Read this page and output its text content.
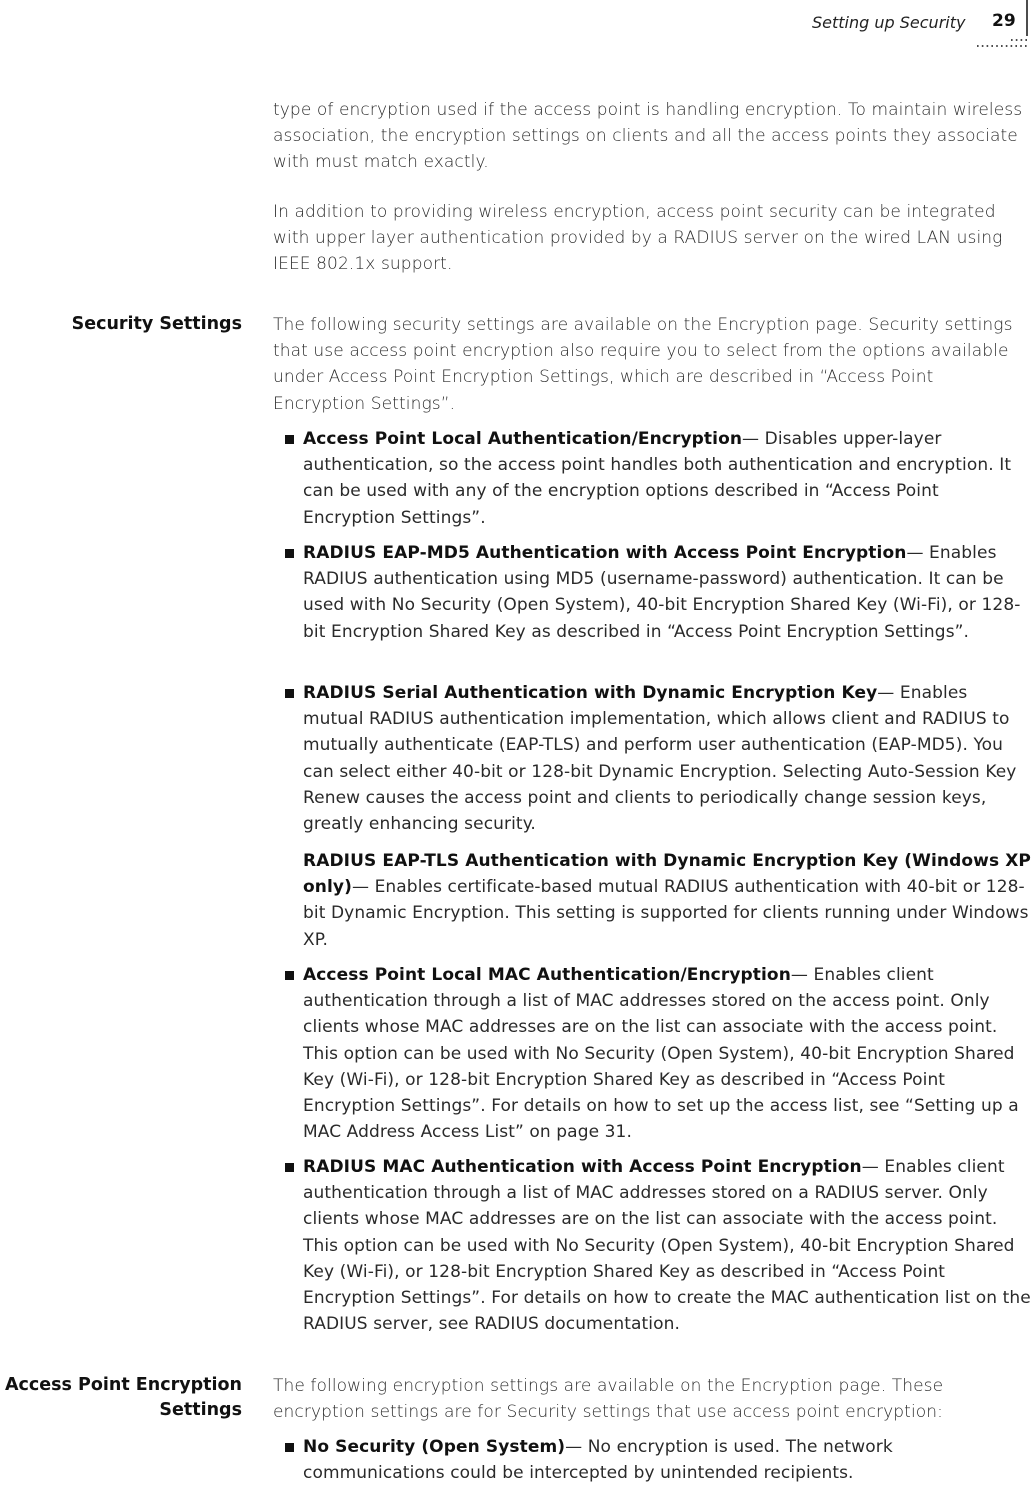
Setting up Security 29

type of encryption used if the access point is handling encryption. To maintain wireless association, the encryption settings on clients and all the access points they associate with must match exactly.

In addition to providing wireless encryption, access point security can be integrated with upper layer authentication provided by a RADIUS server on the wired LAN using IEEE 802.1x support.

Security Settings The following security settings are available on the Encryption page. Security settings that use access point encryption also require you to select from the options available under Access Point Encryption Settings, which are described in “Access Point Encryption Settings”.

Access Point Local Authentication/Encryption— Disables upper-layer authentication, so the access point handles both authentication and encryption. It can be used with any of the encryption options described in “Access Point Encryption Settings”.
RADIUS EAP-MD5 Authentication with Access Point Encryption— Enables RADIUS authentication using MD5 (username-password) authentication. It can be used with No Security (Open System), 40-bit Encryption Shared Key (Wi-Fi), or 128-bit Encryption Shared Key as described in “Access Point Encryption Settings”.
RADIUS Serial Authentication with Dynamic Encryption Key— Enables mutual RADIUS authentication implementation, which allows client and RADIUS to mutually authenticate (EAP-TLS) and perform user authentication (EAP-MD5). You can select either 40-bit or 128-bit Dynamic Encryption. Selecting Auto-Session Key Renew causes the access point and clients to periodically change session keys, greatly enhancing security.
RADIUS EAP-TLS Authentication with Dynamic Encryption Key (Windows XP only)— Enables certificate-based mutual RADIUS authentication with 40-bit or 128-bit Dynamic Encryption. This setting is supported for clients running under Windows XP.
Access Point Local MAC Authentication/Encryption— Enables client authentication through a list of MAC addresses stored on the access point. Only clients whose MAC addresses are on the list can associate with the access point. This option can be used with No Security (Open System), 40-bit Encryption Shared Key (Wi-Fi), or 128-bit Encryption Shared Key as described in “Access Point Encryption Settings”. For details on how to set up the access list, see “Setting up a MAC Address Access List” on page 31.
RADIUS MAC Authentication with Access Point Encryption— Enables client authentication through a list of MAC addresses stored on a RADIUS server. Only clients whose MAC addresses are on the list can associate with the access point. This option can be used with No Security (Open System), 40-bit Encryption Shared Key (Wi-Fi), or 128-bit Encryption Shared Key as described in “Access Point Encryption Settings”. For details on how to create the MAC authentication list on the RADIUS server, see RADIUS documentation.
Access Point Encryption
Settings

The following encryption settings are available on the Encryption page. These encryption settings are for Security settings that use access point encryption:

No Security (Open System)— No encryption is used. The network communications could be intercepted by unintended recipients.
